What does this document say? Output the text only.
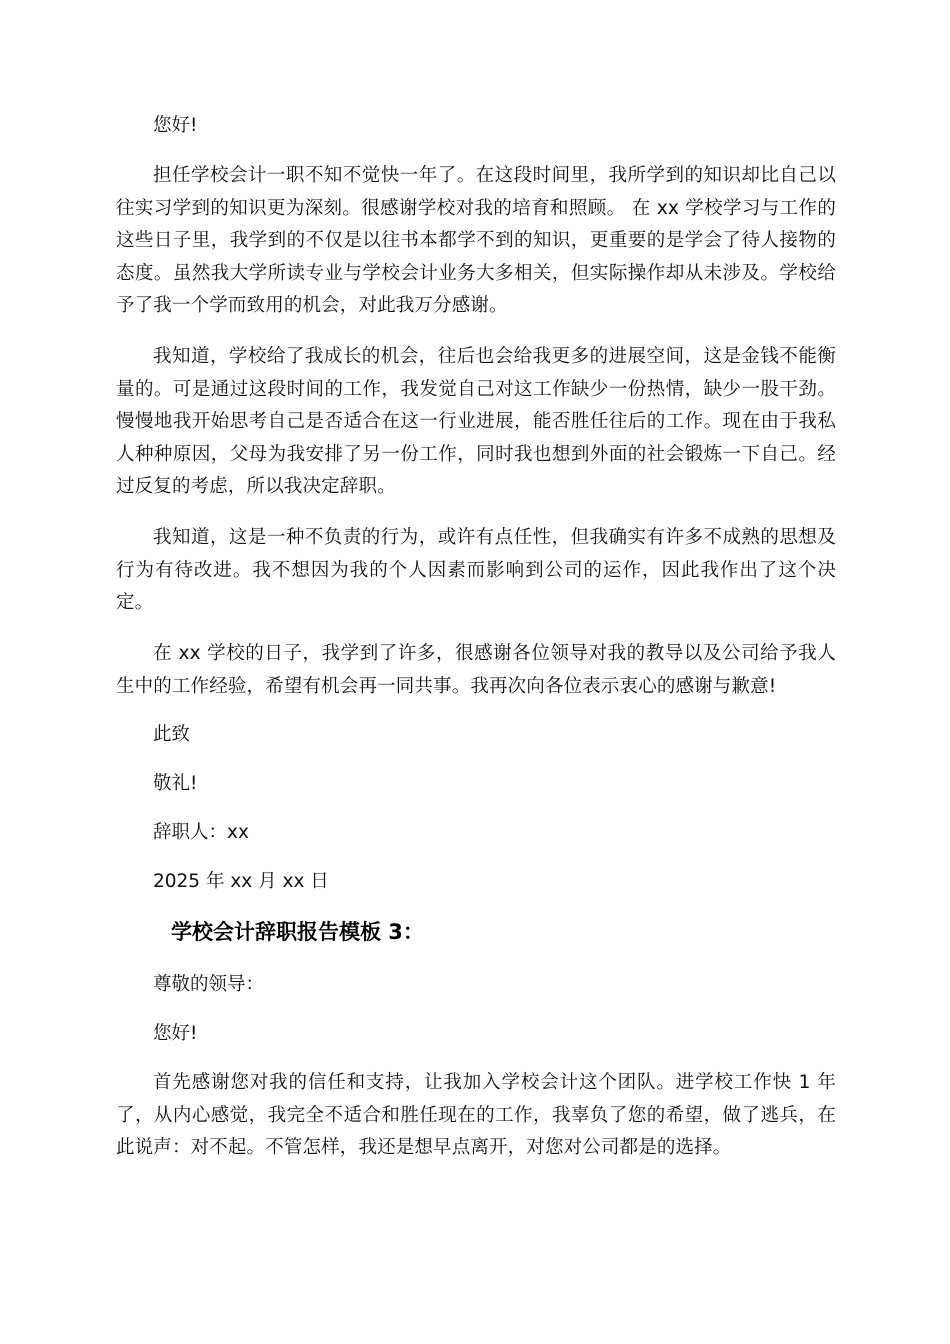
您好!

担任学校会计一职不知不觉快一年了。在这段时间里，我所学到的知识却比自己以往实习学到的知识更为深刻。很感谢学校对我的培育和照顾。 在 xx 学校学习与工作的这些日子里，我学到的不仅是以往书本都学不到的知识，更重要的是学会了待人接物的态度。虽然我大学所读专业与学校会计业务大多相关，但实际操作却从未涉及。学校给予了我一个学而致用的机会，对此我万分感谢。

我知道，学校给了我成长的机会，往后也会给我更多的进展空间，这是金钱不能衡量的。可是通过这段时间的工作，我发觉自己对这工作缺少一份热情，缺少一股干劲。慢慢地我开始思考自己是否适合在这一行业进展，能否胜任往后的工作。现在由于我私人种种原因，父母为我安排了另一份工作，同时我也想到外面的社会锻炼一下自己。经过反复的考虑，所以我决定辞职。

我知道，这是一种不负责的行为，或许有点任性，但我确实有许多不成熟的思想及行为有待改进。我不想因为我的个人因素而影响到公司的运作，因此我作出了这个决定。

在 xx 学校的日子，我学到了许多，很感谢各位领导对我的教导以及公司给予我人生中的工作经验，希望有机会再一同共事。我再次向各位表示衷心的感谢与歉意!

此致

敬礼!

辞职人：xx

2025 年 xx 月 xx 日

学校会计辞职报告模板 3：

尊敬的领导：

您好!

首先感谢您对我的信任和支持，让我加入学校会计这个团队。进学校工作快 1 年了，从内心感觉，我完全不适合和胜任现在的工作，我辜负了您的希望，做了逃兵，在此说声：对不起。不管怎样，我还是想早点离开，对您对公司都是的选择。
